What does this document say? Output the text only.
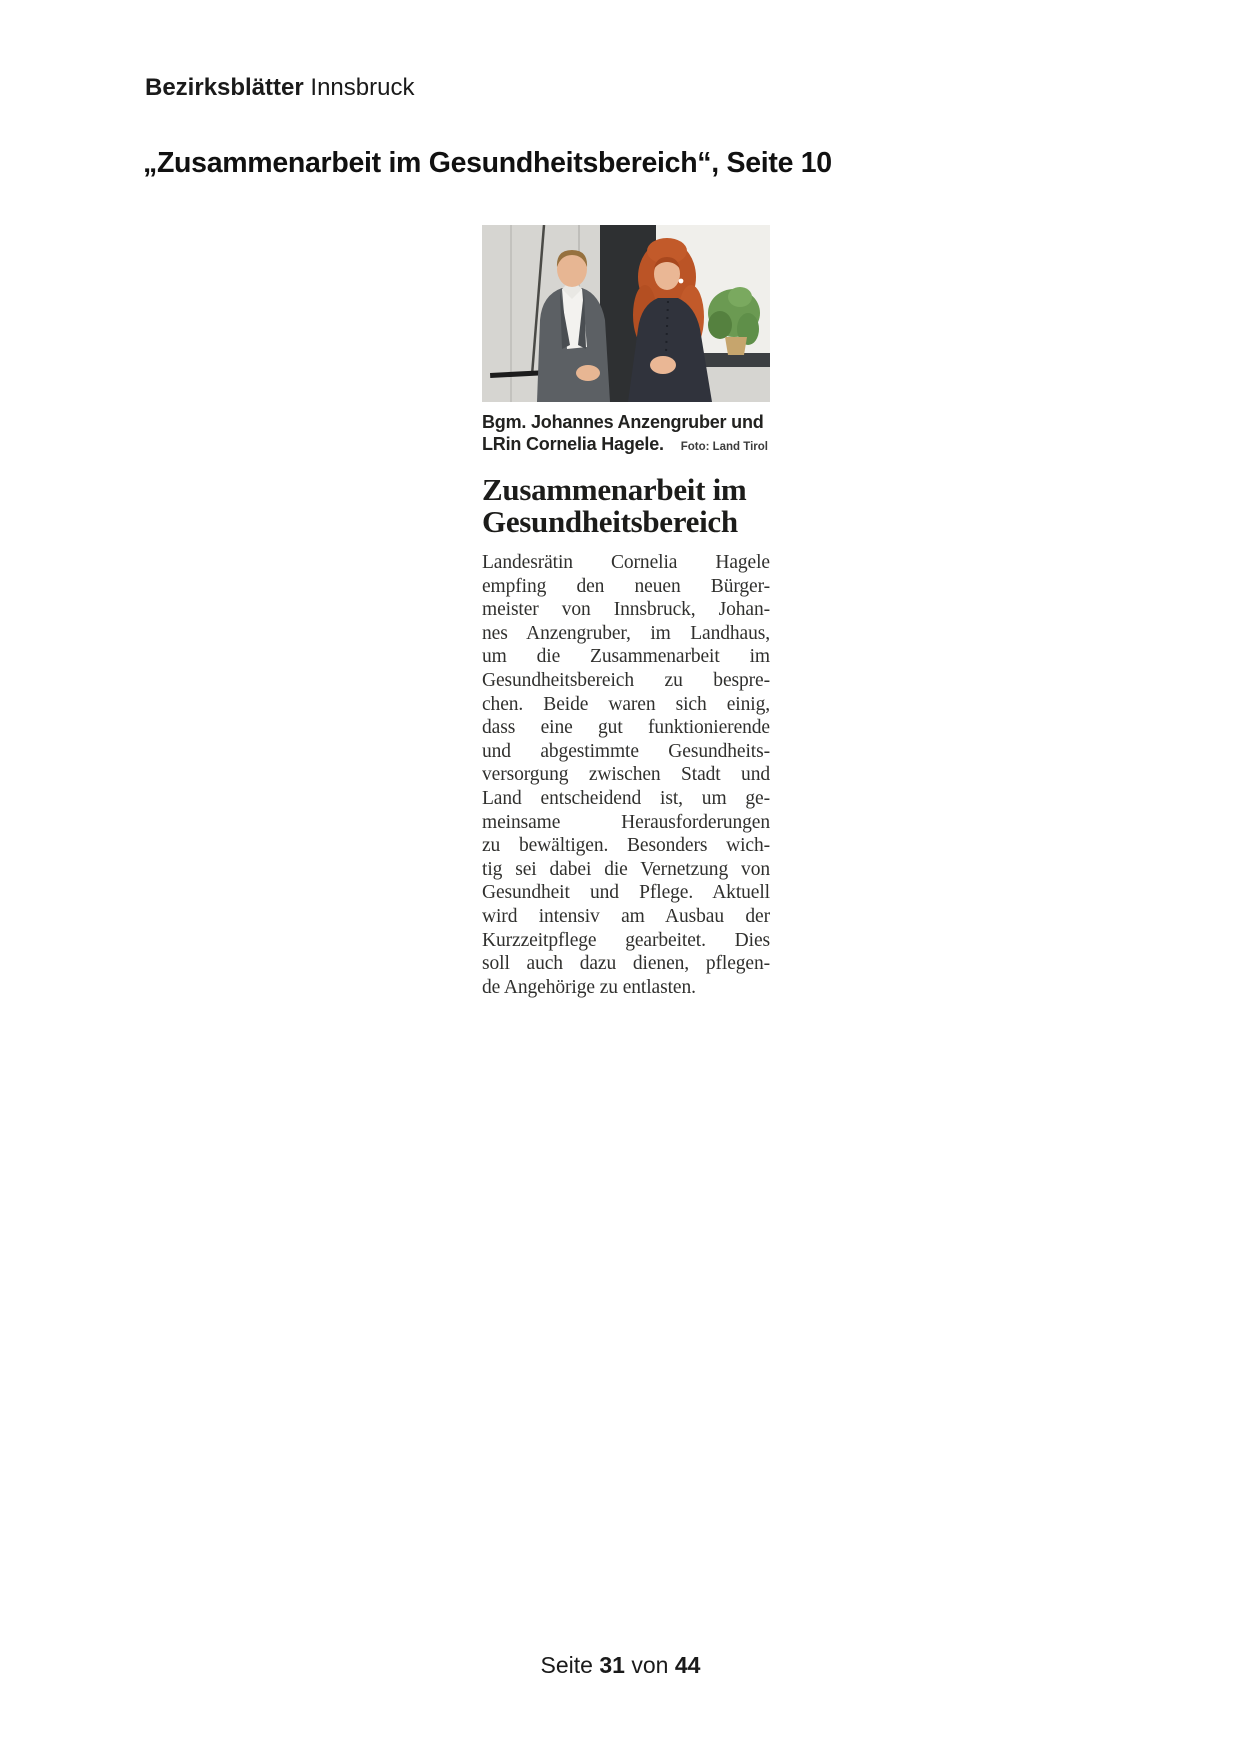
Bezirksblätter Innsbruck
„Zusammenarbeit im Gesundheitsbereich“, Seite 10
Bgm. Johannes Anzengruber und
LRin Cornelia Hagele. Foto: Land Tirol
Zusammenarbeit im
Gesundheitsbereich
Landesrätin Cornelia Hagele
empfing den neuen Bürger-
meister von Innsbruck, Johan-
nes Anzengruber, im Landhaus,
um die Zusammenarbeit im
Gesundheitsbereich zu bespre-
chen. Beide waren sich einig,
dass eine gut funktionierende
und abgestimmte Gesundheits-
versorgung zwischen Stadt und
Land entscheidend ist, um ge-
meinsame Herausforderungen
zu bewältigen. Besonders wich-
tig sei dabei die Vernetzung von
Gesundheit und Pflege. Aktuell
wird intensiv am Ausbau der
Kurzzeitpflege gearbeitet. Dies
soll auch dazu dienen, pflegen-
de Angehörige zu entlasten.
Seite 31 von 44
